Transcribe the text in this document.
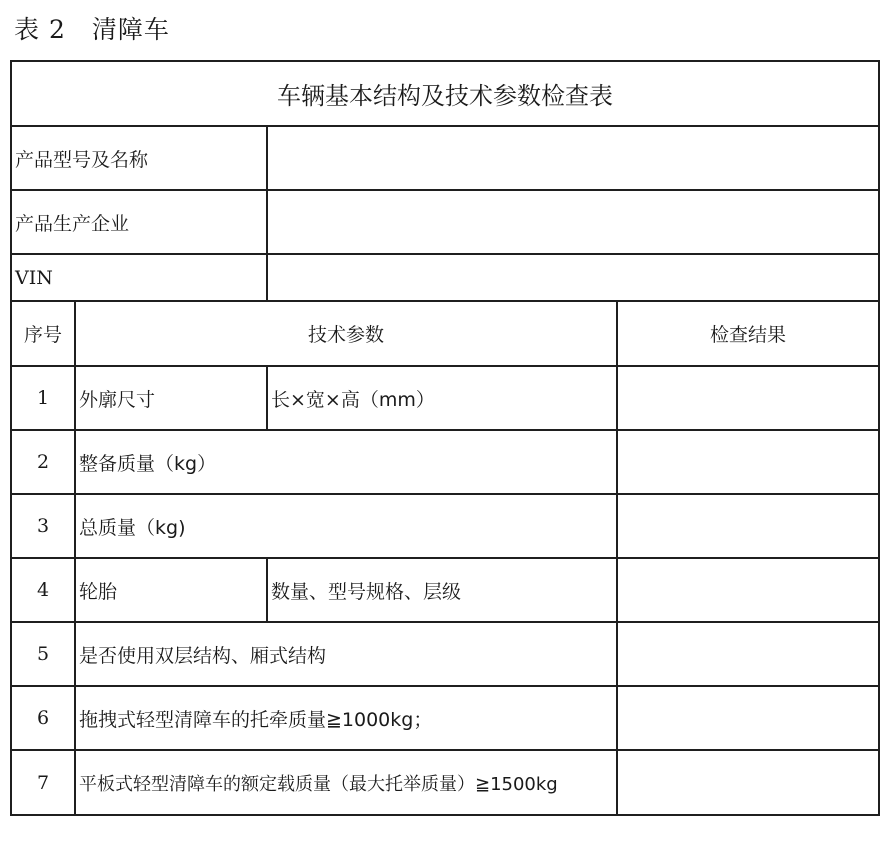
表 2 清障车
车辆基本结构及技术参数检查表			
产品型号及名称			
产品生产企业			
VIN			
序号	技术参数		检查结果
1	外廓尺寸	长×宽×高（mm）	
2	整备质量（kg）		
3	总质量（kg)		
4	轮胎	数量、型号规格、层级	
5	是否使用双层结构、厢式结构		
6	拖拽式轻型清障车的托牵质量≧1000kg；		
7	平板式轻型清障车的额定载质量（最大托举质量）≧1500kg		
